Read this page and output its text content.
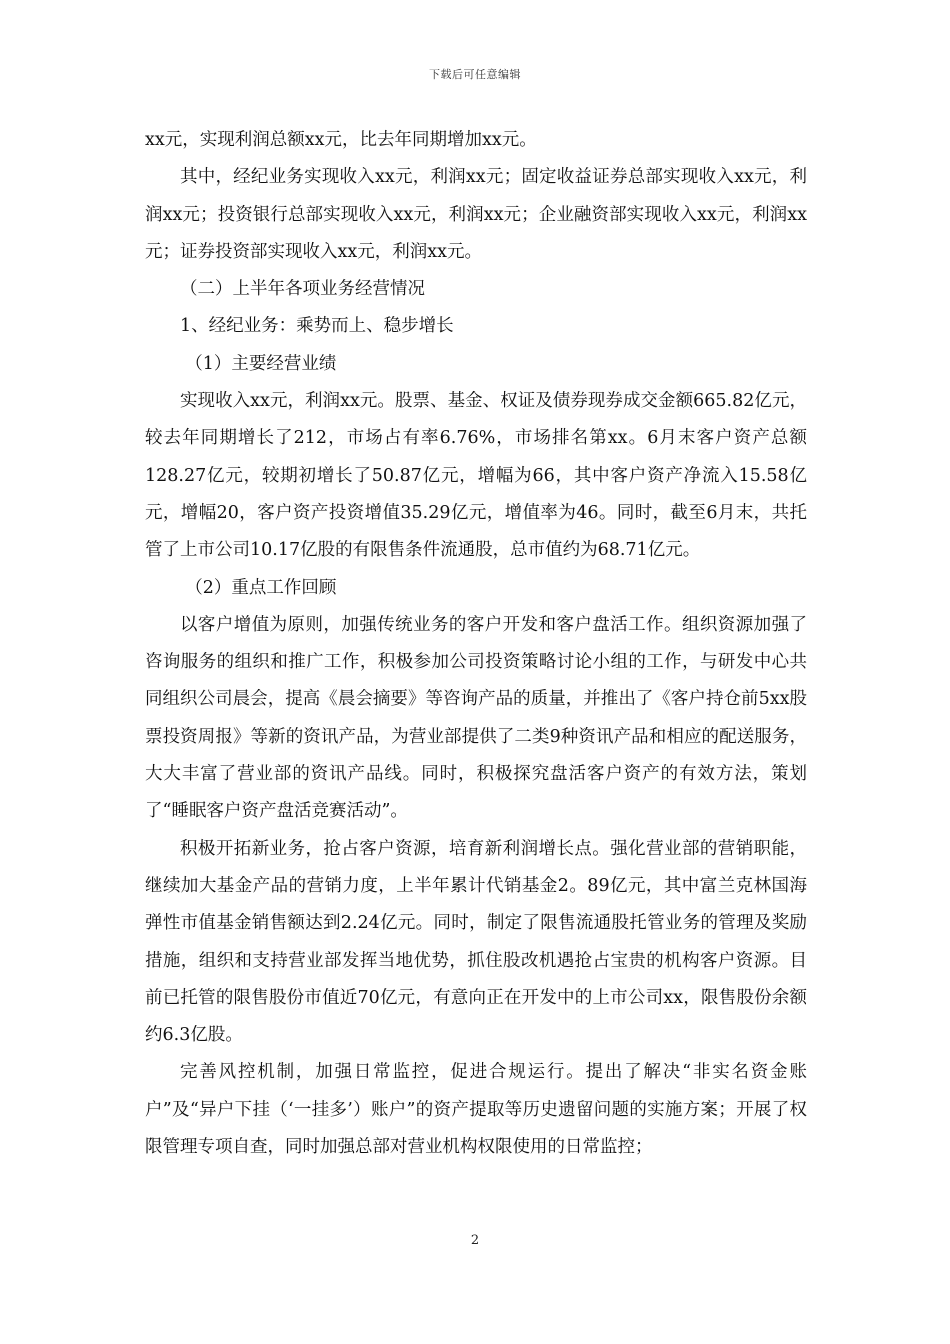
下载后可任意编辑

xx元，实现利润总额xx元，比去年同期增加xx元。

其中，经纪业务实现收入xx元，利润xx元；固定收益证券总部实现收入xx元，利润xx元；投资银行总部实现收入xx元，利润xx元；企业融资部实现收入xx元，利润xx元；证券投资部实现收入xx元，利润xx元。

（二）上半年各项业务经营情况

1、经纪业务：乘势而上、稳步增长

（1）主要经营业绩

实现收入xx元，利润xx元。股票、基金、权证及债券现券成交金额665.82亿元，较去年同期增长了212，市场占有率6.76%，市场排名第xx。6月末客户资产总额128.27亿元，较期初增长了50.87亿元，增幅为66，其中客户资产净流入15.58亿元，增幅20，客户资产投资增值35.29亿元，增值率为46。同时，截至6月末，共托管了上市公司10.17亿股的有限售条件流通股，总市值约为68.71亿元。

（2）重点工作回顾

以客户增值为原则，加强传统业务的客户开发和客户盘活工作。组织资源加强了咨询服务的组织和推广工作，积极参加公司投资策略讨论小组的工作，与研发中心共同组织公司晨会，提高《晨会摘要》等咨询产品的质量，并推出了《客户持仓前5xx股票投资周报》等新的资讯产品，为营业部提供了二类9种资讯产品和相应的配送服务，大大丰富了营业部的资讯产品线。同时，积极探究盘活客户资产的有效方法，策划了“睡眠客户资产盘活竞赛活动”。

积极开拓新业务，抢占客户资源，培育新利润增长点。强化营业部的营销职能，继续加大基金产品的营销力度，上半年累计代销基金2。89亿元，其中富兰克林国海弹性市值基金销售额达到2.24亿元。同时，制定了限售流通股托管业务的管理及奖励措施，组织和支持营业部发挥当地优势，抓住股改机遇抢占宝贵的机构客户资源。目前已托管的限售股份市值近70亿元，有意向正在开发中的上市公司xx，限售股份余额约6.3亿股。

完善风控机制，加强日常监控，促进合规运行。提出了解决“非实名资金账户”及“异户下挂（‘一挂多’）账户”的资产提取等历史遗留问题的实施方案；开展了权限管理专项自查，同时加强总部对营业机构权限使用的日常监控；

2
